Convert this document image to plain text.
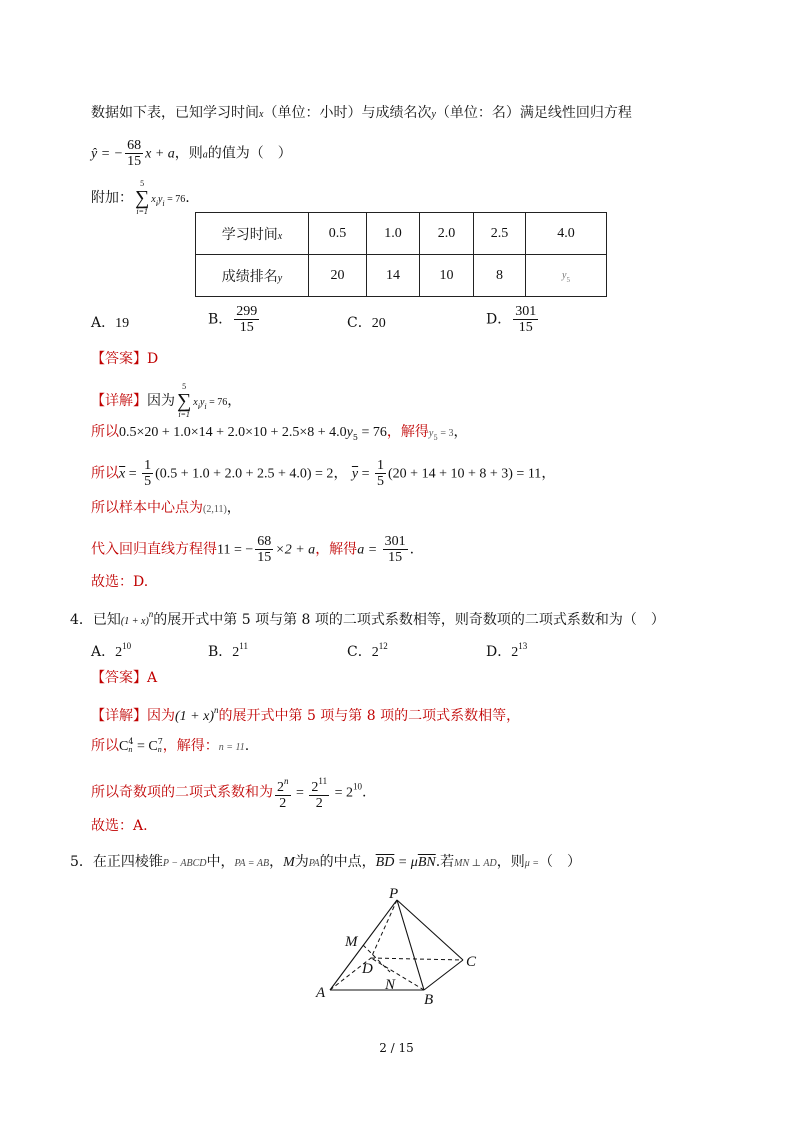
数据如下表，已知学习时间x（单位：小时）与成绩名次y（单位：名）满足线性回归方程
ŷ = − $\frac{68}{15}$ x + a，则a的值为（　）
附加：
5
∑
i=1
$x_iy_i = 76$.
学习时间x	0.5	1.0	2.0	2.5	4.0
成绩排名y	20	14	10	8	$y_5$
A．19	B． $\frac{299}{15}$	C．20	D． $\frac{301}{15}$
【答案】D
【详解】因为
5
∑
i=1
$x_iy_i = 76$，
所以$0.5\times 20 + 1.0\times 14 + 2.0\times 10 + 2.5\times 8 + 4.0y_5 = 76$，解得$y_5 = 3$，
所以$\overline{x} = \frac{1}{5} (0.5 + 1.0 + 2.0 + 2.5 + 4.0) = 2$， $\overline{y} = \frac{1}{5} (20 + 14 + 10 + 8 + 3) = 11$，
所以样本中心点为(2,11)，
代入回归直线方程得11 = − $\frac{68}{15} \times 2 + a$，解得$a = \frac{301}{15}$ .
故选：D.
4．已知$(1 + x)^n$的展开式中第 5 项与第 8 项的二项式系数相等，则奇数项的二项式系数和为（　）
A．$2^{10}$	B．$2^{11}$	C．$2^{12}$	D．$2^{13}$
【答案】A
【详解】因为$(1 + x)^n$的展开式中第 5 项与第 8 项的二项式系数相等，
所以C 4
n = C 7
n ，解得：n = 11.
所以奇数项的二项式系数和为 $\frac{2^n}{2} = \frac{2^{11}}{2} = 2^{10}$.
故选：A.
5．在正四棱锥P − ABCD中，PA = AB，M为PA的中点，$\overline{BD} = \mu\overline{BN}$.若MN ⊥ AD，则μ =（　）
P
M
D	C
A	N
B
2 / 15
